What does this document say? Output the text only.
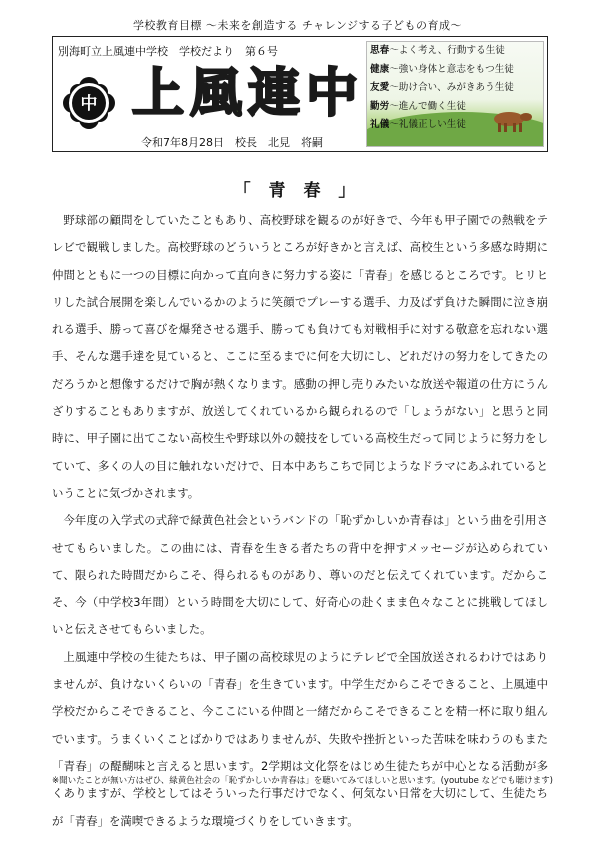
学校教育目標 ～未来を創造する チャレンジする子どもの育成～
別海町立上風連中学校　学校だより　第６号
中 上風連中
令和7年8月28日　校長　北見　将嗣
思春～よく考え、行動する生徒
健康～強い身体と意志をもつ生徒
友愛～助け合い、みがきあう生徒
勤労～進んで働く生徒
礼儀～礼儀正しい生徒
「 青 春 」

野球部の顧問をしていたこともあり、高校野球を観るのが好きで、今年も甲子園での熱戦をテレビで観戦しました。高校野球のどういうところが好きかと言えば、高校生という多感な時期に仲間とともに一つの目標に向かって直向きに努力する姿に「青春」を感じるところです。ヒリヒリした試合展開を楽しんでいるかのように笑顔でプレーする選手、力及ばず負けた瞬間に泣き崩れる選手、勝って喜びを爆発させる選手、勝っても負けても対戦相手に対する敬意を忘れない選手、そんな選手達を見ていると、ここに至るまでに何を大切にし、どれだけの努力をしてきたのだろうかと想像するだけで胸が熱くなります。感動の押し売りみたいな放送や報道の仕方にうんざりすることもありますが、放送してくれているから観られるので「しょうがない」と思うと同時に、甲子園に出てこない高校生や野球以外の競技をしている高校生だって同じように努力をしていて、多くの人の目に触れないだけで、日本中あちこちで同じようなドラマにあふれているということに気づかされます。

今年度の入学式の式辞で緑黄色社会というバンドの「恥ずかしいか青春は」という曲を引用させてもらいました。この曲には、青春を生きる者たちの背中を押すメッセージが込められていて、限られた時間だからこそ、得られるものがあり、尊いのだと伝えてくれています。だからこそ、今（中学校3年間）という時間を大切にして、好奇心の赴くまま色々なことに挑戦してほしいと伝えさせてもらいました。

上風連中学校の生徒たちは、甲子園の高校球児のようにテレビで全国放送されるわけではありませんが、負けないくらいの「青春」を生きています。中学生だからこそできること、上風連中学校だからこそできること、今ここにいる仲間と一緒だからこそできることを精一杯に取り組んでいます。うまくいくことばかりではありませんが、失敗や挫折といった苦味を味わうのもまた「青春」の醍醐味と言えると思います。2学期は文化祭をはじめ生徒たちが中心となる活動が多くありますが、学校としてはそういった行事だけでなく、何気ない日常を大切にして、生徒たちが「青春」を満喫できるような環境づくりをしていきます。

※聞いたことが無い方はぜひ、緑黄色社会の「恥ずかしいか青春は」を聴いてみてほしいと思います。(youtube などでも聴けます)
